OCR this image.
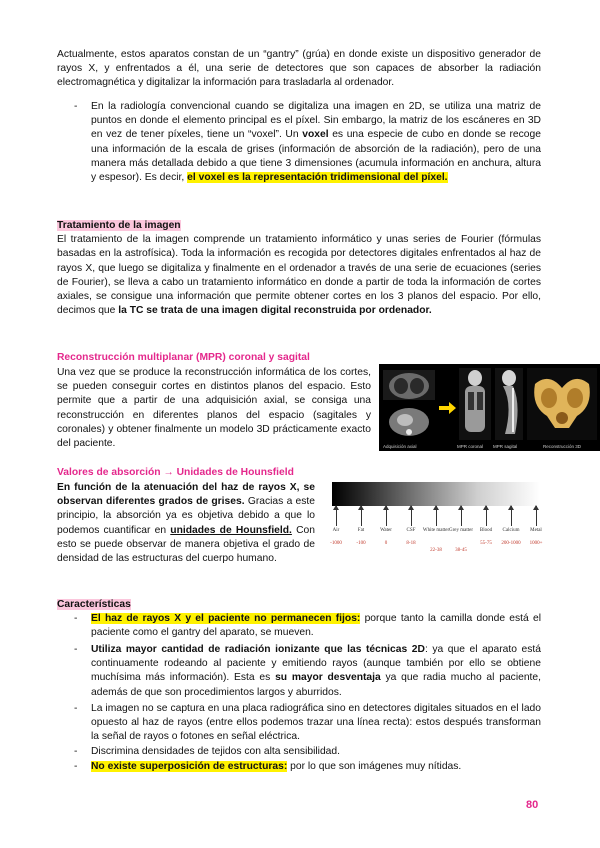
Actualmente, estos aparatos constan de un “gantry” (grúa) en donde existe un dispositivo generador de rayos X, y enfrentados a él, una serie de detectores que son capaces de absorber la radiación electromagnética y digitalizar la información para trasladarla al ordenador.
- En la radiología convencional cuando se digitaliza una imagen en 2D, se utiliza una matriz de puntos en donde el elemento principal es el píxel. Sin embargo, la matriz de los escáneres en 3D en vez de tener píxeles, tiene un “voxel”. Un voxel es una especie de cubo en donde se recoge una información de la escala de grises (información de absorción de la radiación), pero de una manera más detallada debido a que tiene 3 dimensiones (acumula información en anchura, altura y espesor). Es decir, el voxel es la representación tridimensional del píxel.
Tratamiento de la imagen
El tratamiento de la imagen comprende un tratamiento informático y unas series de Fourier (fórmulas basadas en la astrofísica). Toda la información es recogida por detectores digitales enfrentados al haz de rayos X, que luego se digitaliza y finalmente en el ordenador a través de una serie de ecuaciones (series de Fourier), se lleva a cabo un tratamiento informático en donde a partir de toda la información de cortes axiales, se consigue una información que permite obtener cortes en los 3 planos del espacio. Por ello, decimos que la TC se trata de una imagen digital reconstruida por ordenador.
Reconstrucción multiplanar (MPR) coronal y sagital
Una vez que se produce la reconstrucción informática de los cortes, se pueden conseguir cortes en distintos planos del espacio. Esto permite que a partir de una adquisición axial, se consiga una reconstrucción en diferentes planos del espacio (sagitales y coronales) y obtener finalmente un modelo 3D prácticamente exacto del paciente.	Adquisición axial	MPR coronal	MPR sagital	Reconstrucción 3D
Valores de absorción → Unidades de Hounsfield
En función de la atenuación del haz de rayos X, se observan diferentes grados de grises. Gracias a este principio, la absorción ya es objetiva debido a que lo podemos cuantificar en unidades de Hounsfield. Con esto se puede observar de manera objetiva el grado de densidad de las estructuras del cuerpo humano.
Air
-1000
Fat
-100
Water
0
CSF
8-18
White matter
22-38
Grey matter
38-45
Blood
55-75
Calcium
200-1000
Metal
1000+
Características
- El haz de rayos X y el paciente no permanecen fijos: porque tanto la camilla donde está el paciente como el gantry del aparato, se mueven.
- Utiliza mayor cantidad de radiación ionizante que las técnicas 2D: ya que el aparato está continuamente rodeando al paciente y emitiendo rayos (aunque también por ello se obtiene muchísima más información). Esta es su mayor desventaja ya que radia mucho al paciente, además de que son procedimientos largos y aburridos.
- La imagen no se captura en una placa radiográfica sino en detectores digitales situados en el lado opuesto al haz de rayos (entre ellos podemos trazar una línea recta): estos después transforman la señal de rayos o fotones en señal eléctrica.
- Discrimina densidades de tejidos con alta sensibilidad.
- No existe superposición de estructuras: por lo que son imágenes muy nítidas.
80
